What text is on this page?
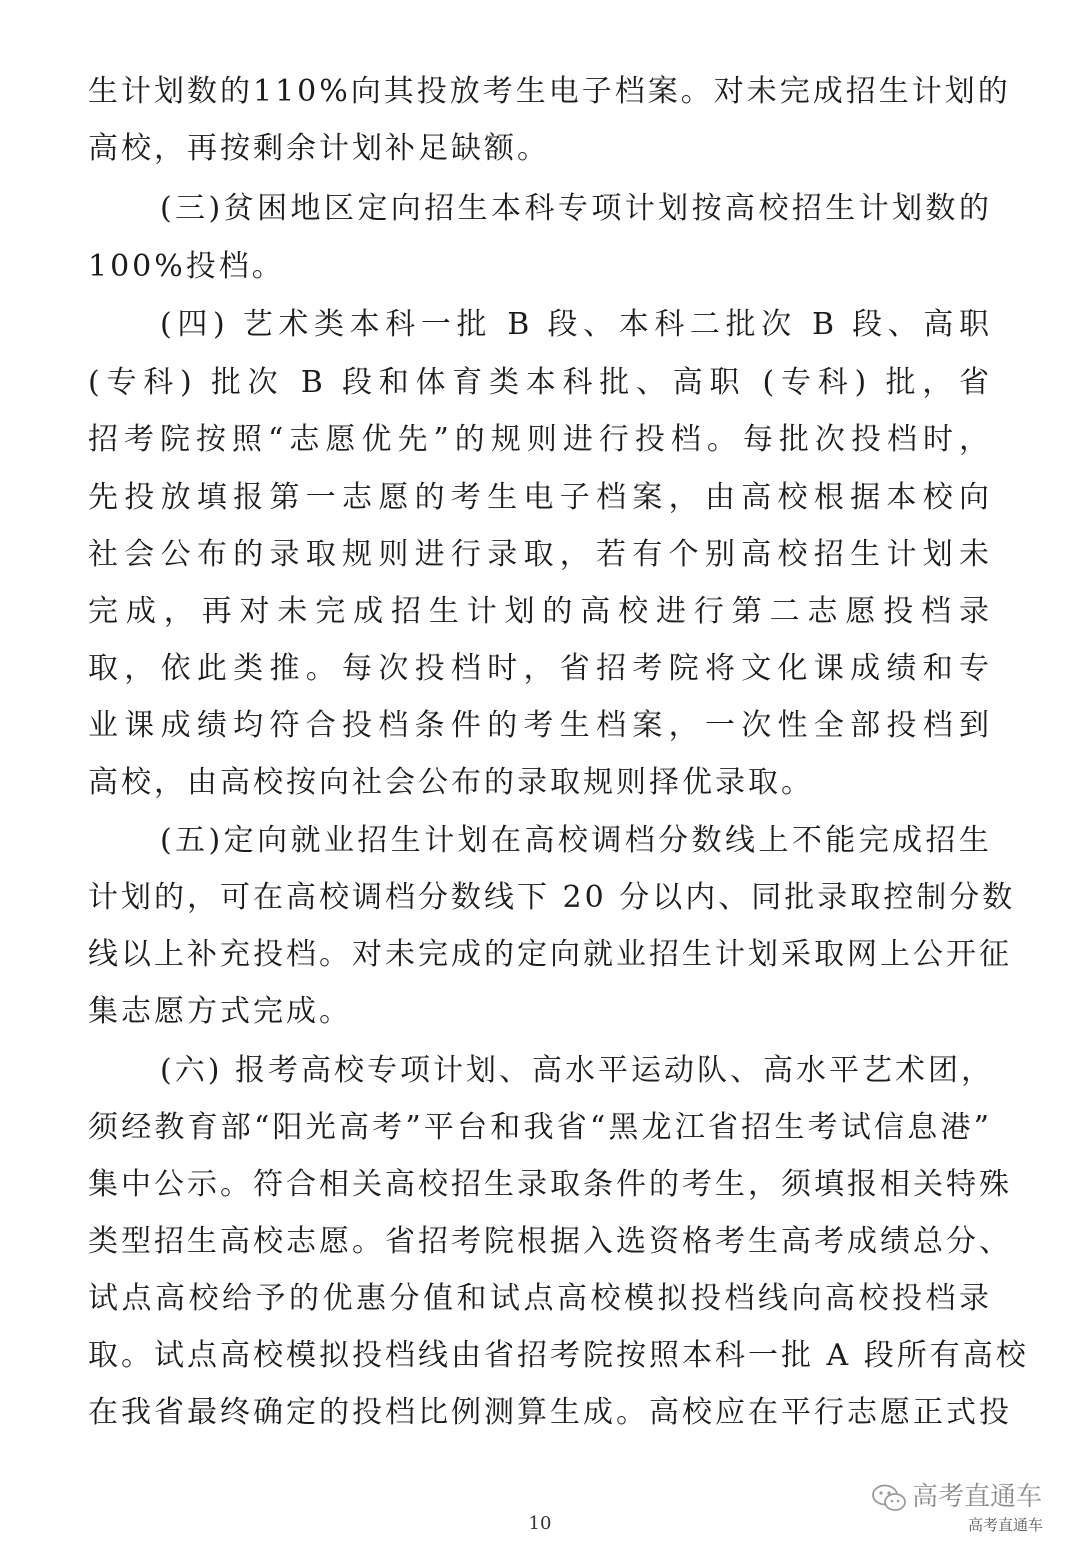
生计划数的110%向其投放考生电子档案。对未完成招生计划的
高校，再按剩余计划补足缺额。
(三)贫困地区定向招生本科专项计划按高校招生计划数的
100%投档。
(四) 艺术类本科一批 B 段、本科二批次 B 段、高职
(专科) 批次 B 段和体育类本科批、高职 (专科) 批，省
招考院按照“志愿优先”的规则进行投档。每批次投档时，
先投放填报第一志愿的考生电子档案，由高校根据本校向
社会公布的录取规则进行录取，若有个别高校招生计划未
完成，再对未完成招生计划的高校进行第二志愿投档录
取，依此类推。每次投档时，省招考院将文化课成绩和专
业课成绩均符合投档条件的考生档案，一次性全部投档到
高校，由高校按向社会公布的录取规则择优录取。
(五)定向就业招生计划在高校调档分数线上不能完成招生
计划的，可在高校调档分数线下 20 分以内、同批录取控制分数
线以上补充投档。对未完成的定向就业招生计划采取网上公开征
集志愿方式完成。
(六) 报考高校专项计划、高水平运动队、高水平艺术团，
须经教育部“阳光高考”平台和我省“黑龙江省招生考试信息港”
集中公示。符合相关高校招生录取条件的考生，须填报相关特殊
类型招生高校志愿。省招考院根据入选资格考生高考成绩总分、
试点高校给予的优惠分值和试点高校模拟投档线向高校投档录
取。试点高校模拟投档线由省招考院按照本科一批 A 段所有高校
在我省最终确定的投档比例测算生成。高校应在平行志愿正式投
10
高考直通车
高考直通车
